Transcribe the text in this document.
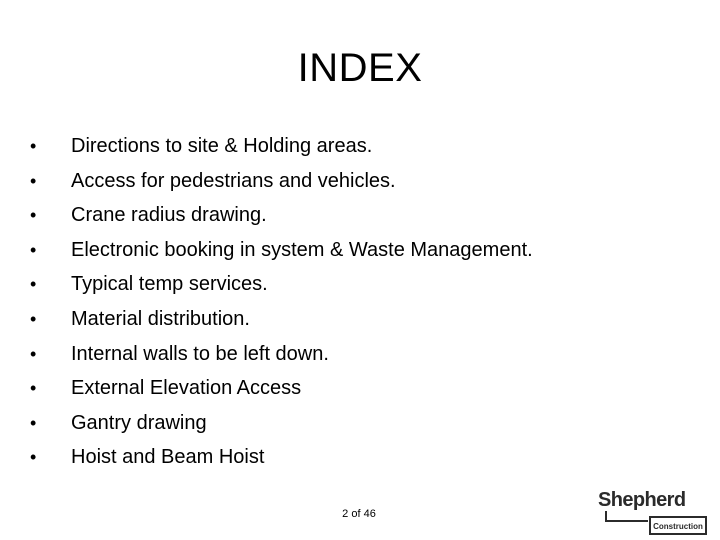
INDEX
•	Directions to site & Holding areas.
•	Access for pedestrians and vehicles.
•	Crane radius drawing.
•	Electronic booking in system & Waste Management.
•	Typical temp services.
•	Material distribution.
•	Internal walls to be left down.
•	External Elevation Access
•	Gantry drawing
•	Hoist and Beam Hoist
2 of 46
Shepherd
Construction
